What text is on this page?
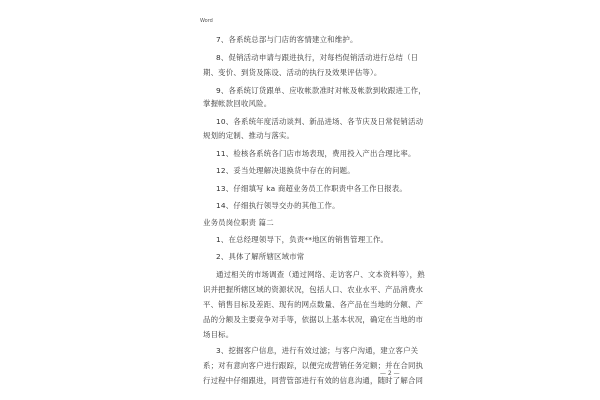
Word
7、各系统总部与门店的客情建立和维护。
8、促销活动申请与跟进执行，对每档促销活动进行总结（日
期、变价、到货及陈设、活动的执行及效果评估等）。
9、各系统订货跟单、应收帐款准时对帐及帐款到收跟进工作，
掌握帐款回收风险。
10、各系统年度活动谈判、新品进场、各节庆及日常促销活动
规划的定制、推动与落实。
11、检核各系统各门店市场表现，费用投入产出合理比率。
12、妥当处理解决退换货中存在的问题。
13、仔细填写 ka 商超业务员工作职责中各工作日报表。
14、仔细执行领导交办的其他工作。
业务员岗位职责 篇二
1、在总经理领导下，负责**地区的销售管理工作。
2、具体了解所辖区域市常
通过相关的市场调查（通过网络、走访客户、文本资料等），熟
识并把握所辖区域的资源状况，包括人口、农业水平、产品消费水
平、销售目标及差距、现有的网点数量、各产品在当地的分额、产
品的分额及主要竞争对手等，依据以上基本状况，确定在当地的市
场目标。
3、挖掘客户信息，进行有效过滤；与客户沟通，建立客户关
系；对有意向客户进行跟踪，以便完成营销任务定额；并在合同执
行过程中仔细跟进，同营管部进行有效的信息沟通，随时了解合同
— 2 —
